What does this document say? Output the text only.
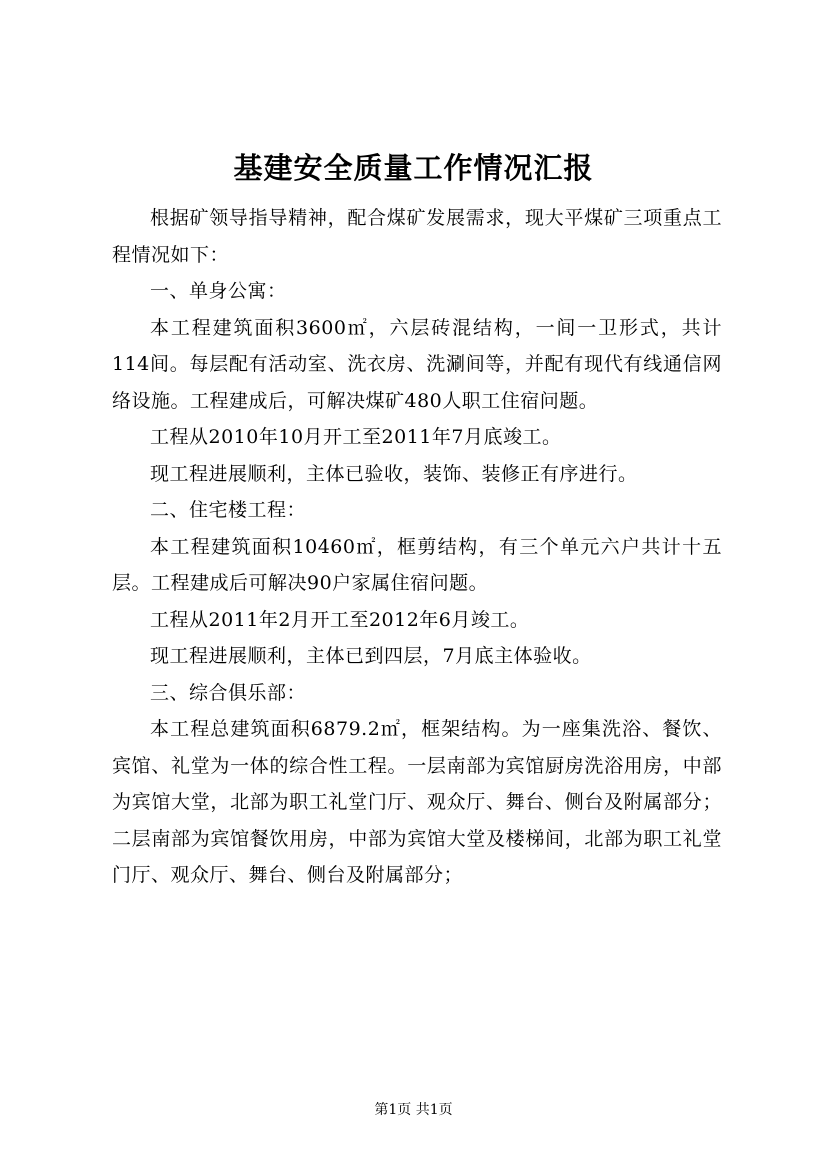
基建安全质量工作情况汇报

根据矿领导指导精神，配合煤矿发展需求，现大平煤矿三项重点工程情况如下：

一、单身公寓：

本工程建筑面积3600㎡，六层砖混结构，一间一卫形式，共计114间。每层配有活动室、洗衣房、洗涮间等，并配有现代有线通信网络设施。工程建成后，可解决煤矿480人职工住宿问题。

工程从2010年10月开工至2011年7月底竣工。

现工程进展顺利，主体已验收，装饰、装修正有序进行。

二、住宅楼工程：

本工程建筑面积10460㎡，框剪结构，有三个单元六户共计十五层。工程建成后可解决90户家属住宿问题。

工程从2011年2月开工至2012年6月竣工。

现工程进展顺利，主体已到四层，7月底主体验收。

三、综合俱乐部：

本工程总建筑面积6879.2㎡，框架结构。为一座集洗浴、餐饮、宾馆、礼堂为一体的综合性工程。一层南部为宾馆厨房洗浴用房，中部为宾馆大堂，北部为职工礼堂门厅、观众厅、舞台、侧台及附属部分；二层南部为宾馆餐饮用房，中部为宾馆大堂及楼梯间，北部为职工礼堂门厅、观众厅、舞台、侧台及附属部分；

第1页 共1页
